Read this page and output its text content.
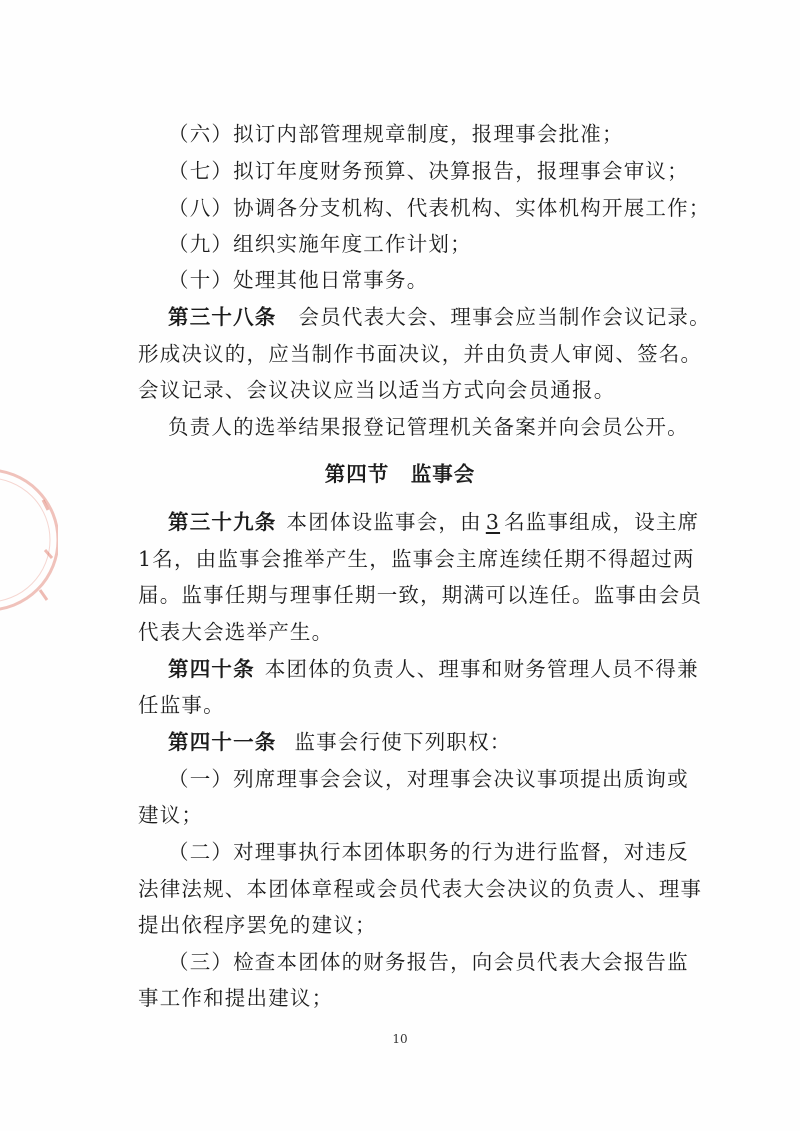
（六）拟订内部管理规章制度，报理事会批准；
（七）拟订年度财务预算、决算报告，报理事会审议；
（八）协调各分支机构、代表机构、实体机构开展工作；
（九）组织实施年度工作计划；
（十）处理其他日常事务。
第三十八条 会员代表大会、理事会应当制作会议记录。
形成决议的，应当制作书面决议，并由负责人审阅、签名。
会议记录、会议决议应当以适当方式向会员通报。
负责人的选举结果报登记管理机关备案并向会员公开。
第四节　监事会
第三十九条 本团体设监事会，由 3 名监事组成，设主席
1名，由监事会推举产生，监事会主席连续任期不得超过两
届。监事任期与理事任期一致，期满可以连任。监事由会员
代表大会选举产生。
第四十条 本团体的负责人、理事和财务管理人员不得兼
任监事。
第四十一条 监事会行使下列职权：
（一）列席理事会会议，对理事会决议事项提出质询或
建议；
（二）对理事执行本团体职务的行为进行监督，对违反
法律法规、本团体章程或会员代表大会决议的负责人、理事
提出依程序罢免的建议；
（三）检查本团体的财务报告，向会员代表大会报告监
事工作和提出建议；
10
